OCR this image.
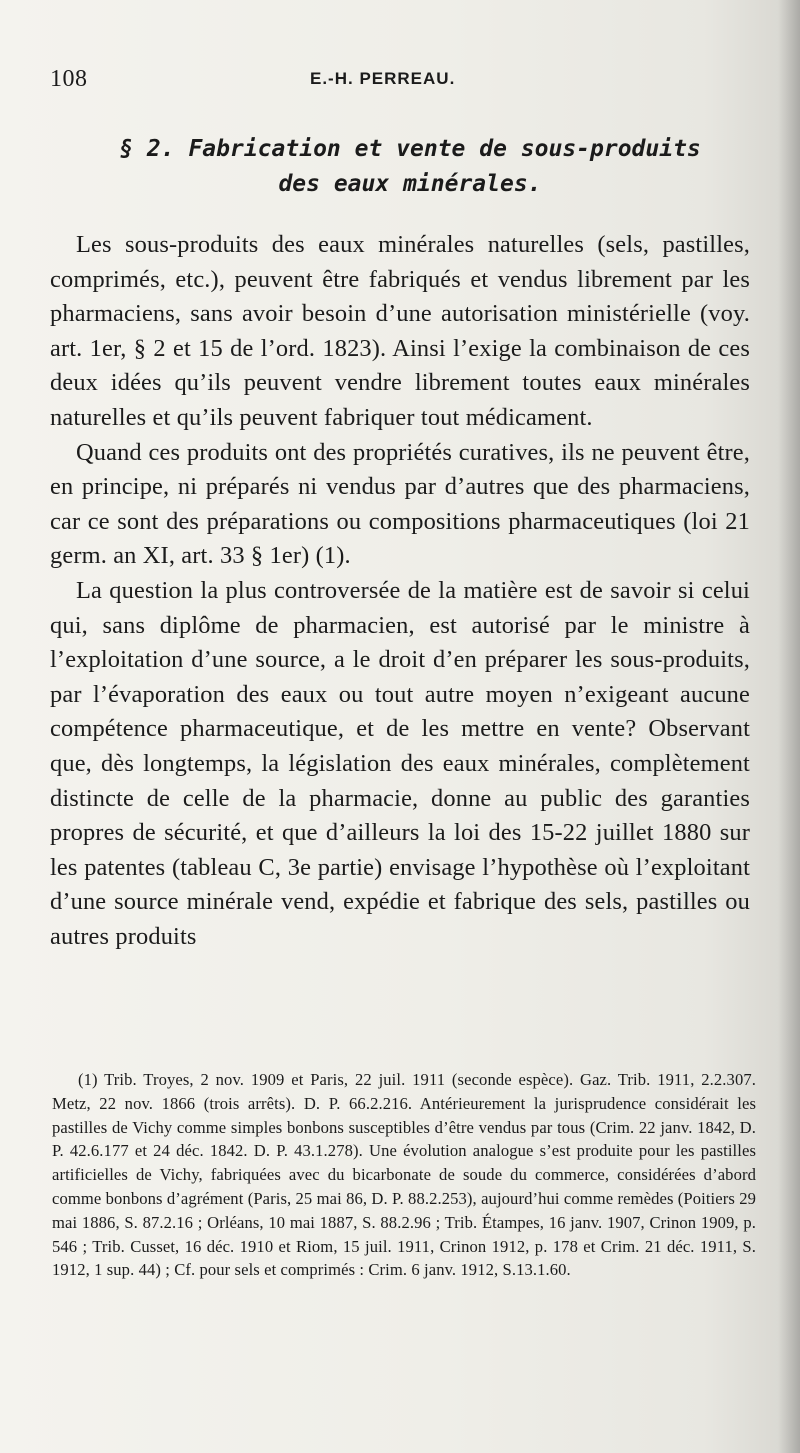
108	E.-H. PERREAU.
§ 2. Fabrication et vente de sous-produits
des eaux minérales.

Les sous-produits des eaux minérales naturelles (sels, pastilles, comprimés, etc.), peuvent être fabriqués et vendus librement par les pharmaciens, sans avoir besoin d’une autorisation ministérielle (voy. art. 1er, § 2 et 15 de l’ord. 1823). Ainsi l’exige la combinaison de ces deux idées qu’ils peuvent vendre librement toutes eaux minérales naturelles et qu’ils peuvent fabriquer tout médicament.

Quand ces produits ont des propriétés curatives, ils ne peuvent être, en principe, ni préparés ni vendus par d’autres que des pharmaciens, car ce sont des préparations ou compositions pharmaceutiques (loi 21 germ. an XI, art. 33 § 1er) (1).

La question la plus controversée de la matière est de savoir si celui qui, sans diplôme de pharmacien, est autorisé par le ministre à l’exploitation d’une source, a le droit d’en préparer les sous-produits, par l’évaporation des eaux ou tout autre moyen n’exigeant aucune compétence pharmaceutique, et de les mettre en vente? Observant que, dès longtemps, la législation des eaux minérales, complètement distincte de celle de la pharmacie, donne au public des garanties propres de sécurité, et que d’ailleurs la loi des 15-22 juillet 1880 sur les patentes (tableau C, 3e partie) envisage l’hypothèse où l’exploitant d’une source minérale vend, expédie et fabrique des sels, pastilles ou autres produits

(1) Trib. Troyes, 2 nov. 1909 et Paris, 22 juil. 1911 (seconde espèce). Gaz. Trib. 1911, 2.2.307. Metz, 22 nov. 1866 (trois arrêts). D. P. 66.2.216. Antérieurement la jurisprudence considérait les pastilles de Vichy comme simples bonbons susceptibles d’être vendus par tous (Crim. 22 janv. 1842, D. P. 42.6.177 et 24 déc. 1842. D. P. 43.1.278). Une évolution analogue s’est produite pour les pastilles artificielles de Vichy, fabriquées avec du bicarbonate de soude du commerce, considérées d’abord comme bonbons d’agrément (Paris, 25 mai 86, D. P. 88.2.253), aujourd’hui comme remèdes (Poitiers 29 mai 1886, S. 87.2.16 ; Orléans, 10 mai 1887, S. 88.2.96 ; Trib. Étampes, 16 janv. 1907, Crinon 1909, p. 546 ; Trib. Cusset, 16 déc. 1910 et Riom, 15 juil. 1911, Crinon 1912, p. 178 et Crim. 21 déc. 1911, S. 1912, 1 sup. 44) ; Cf. pour sels et comprimés : Crim. 6 janv. 1912, S.13.1.60.
